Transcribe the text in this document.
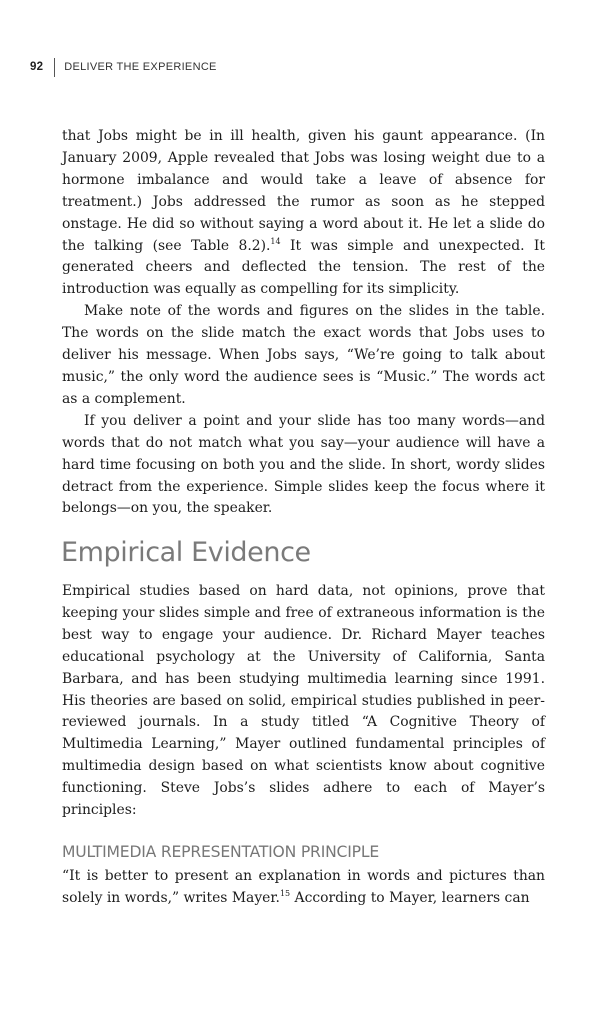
92 DELIVER THE EXPERIENCE

that Jobs might be in ill health, given his gaunt appearance. (In January 2009, Apple revealed that Jobs was losing weight due to a hormone imbalance and would take a leave of absence for treatment.) Jobs addressed the rumor as soon as he stepped onstage. He did so without saying a word about it. He let a slide do the talking (see Table 8.2).$^{14}$ It was simple and unexpected. It generated cheers and deflected the tension. The rest of the introduction was equally as compelling for its simplicity.

Make note of the words and figures on the slides in the table. The words on the slide match the exact words that Jobs uses to deliver his message. When Jobs says, “We’re going to talk about music,” the only word the audience sees is “Music.” The words act as a complement.

If you deliver a point and your slide has too many words—and words that do not match what you say—your audience will have a hard time focusing on both you and the slide. In short, wordy slides detract from the experience. Simple slides keep the focus where it belongs—on you, the speaker.

Empirical Evidence

Empirical studies based on hard data, not opinions, prove that keeping your slides simple and free of extraneous information is the best way to engage your audience. Dr. Richard Mayer teaches educational psychology at the University of California, Santa Barbara, and has been studying multimedia learning since 1991. His theories are based on solid, empirical studies published in peer-reviewed journals. In a study titled “A Cognitive Theory of Multimedia Learning,” Mayer outlined fundamental principles of multimedia design based on what scientists know about cognitive functioning. Steve Jobs’s slides adhere to each of Mayer’s principles:

MULTIMEDIA REPRESENTATION PRINCIPLE

“It is better to present an explanation in words and pictures than solely in words,” writes Mayer.$^{15}$ According to Mayer, learners can
